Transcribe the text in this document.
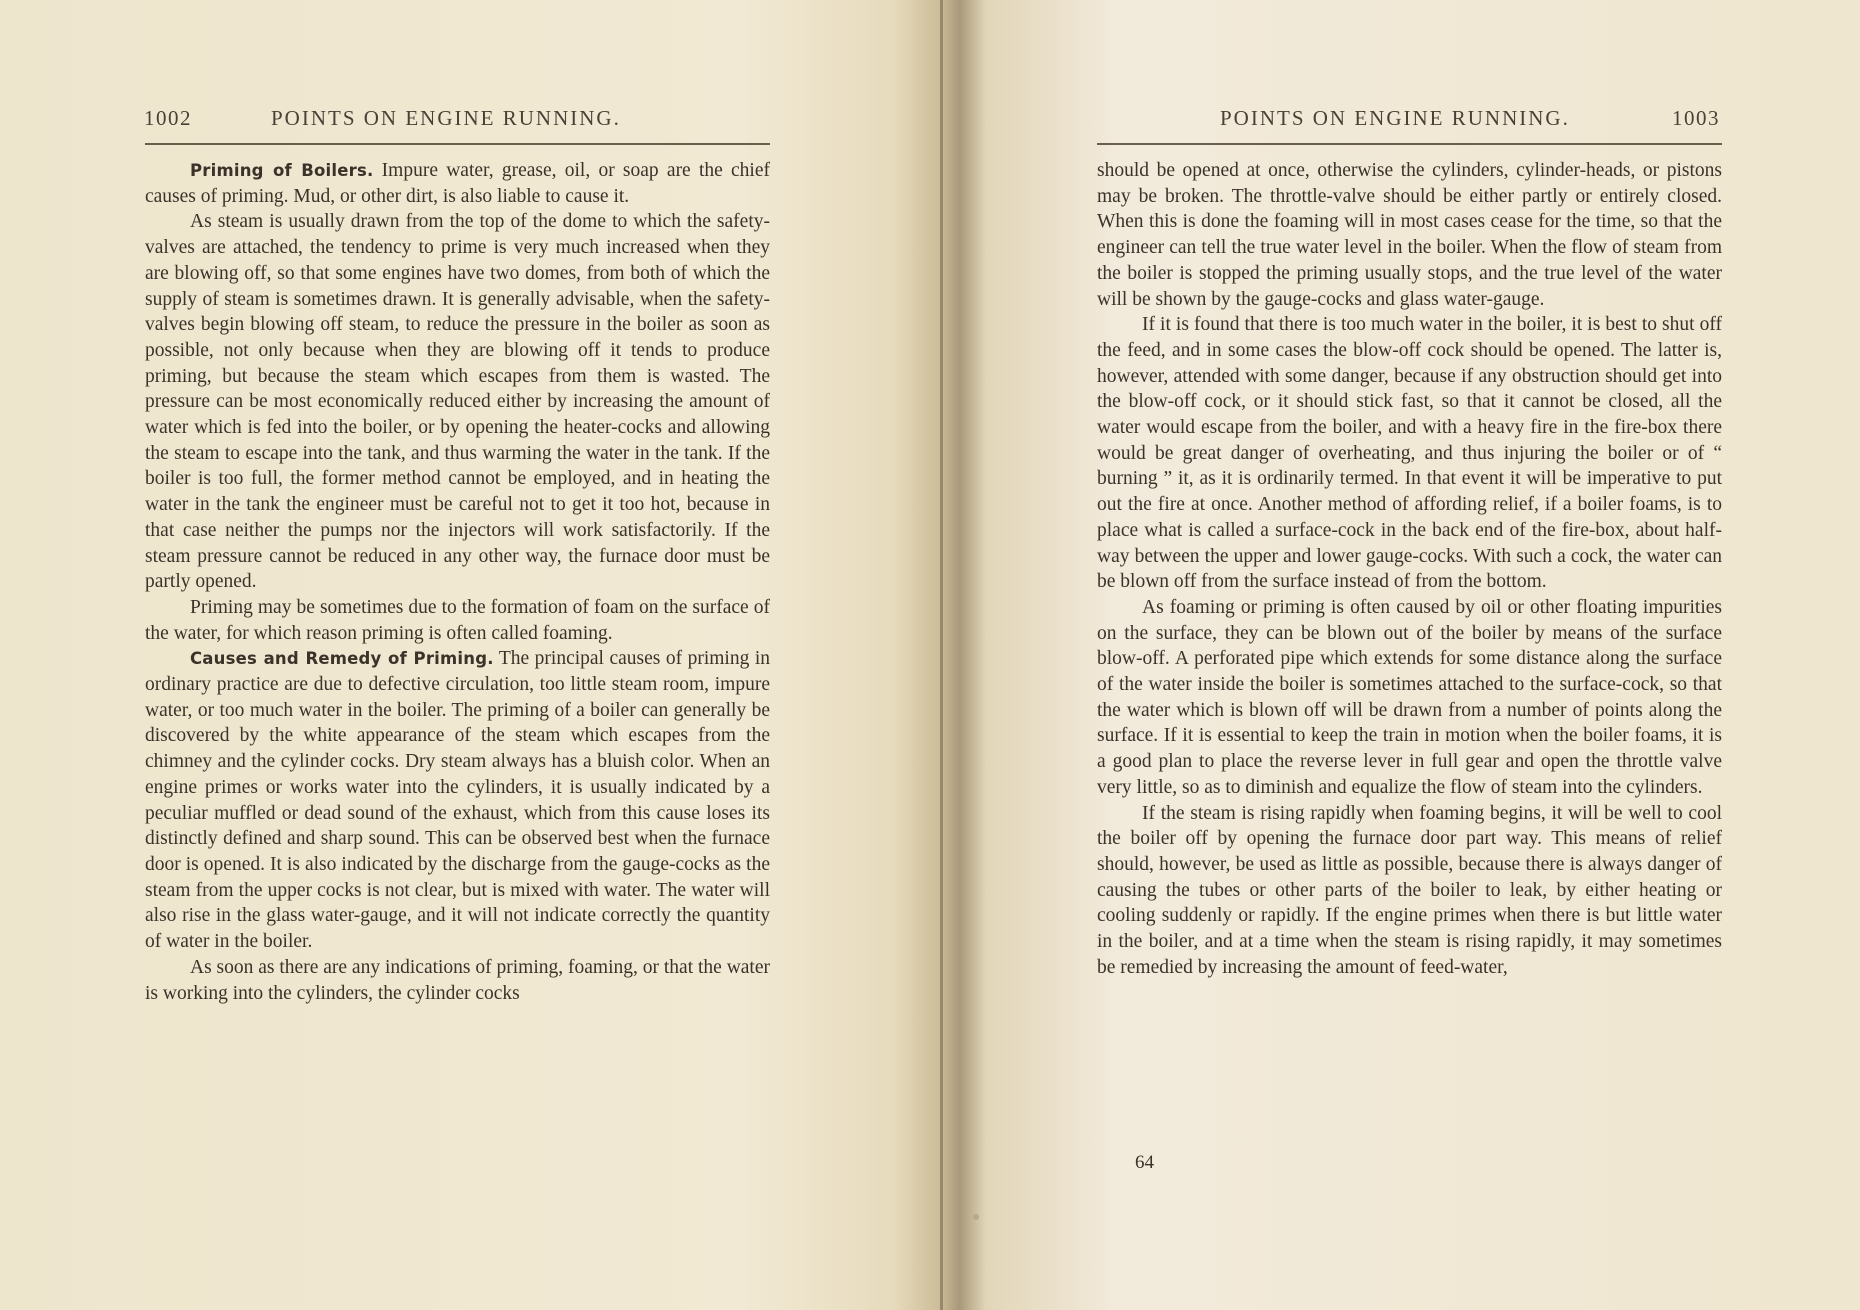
1002	POINTS ON ENGINE RUNNING.

Priming of Boilers. Impure water, grease, oil, or soap are the chief causes of priming. Mud, or other dirt, is also liable to cause it.

As steam is usually drawn from the top of the dome to which the safety-valves are attached, the tendency to prime is very much increased when they are blowing off, so that some engines have two domes, from both of which the supply of steam is sometimes drawn. It is generally advisable, when the safety-valves begin blowing off steam, to reduce the pressure in the boiler as soon as possible, not only because when they are blowing off it tends to produce priming, but because the steam which escapes from them is wasted. The pressure can be most economically reduced either by increasing the amount of water which is fed into the boiler, or by opening the heater-cocks and allowing the steam to escape into the tank, and thus warming the water in the tank. If the boiler is too full, the former method cannot be employed, and in heating the water in the tank the engineer must be careful not to get it too hot, because in that case neither the pumps nor the injectors will work satisfactorily. If the steam pressure cannot be reduced in any other way, the furnace door must be partly opened.

Priming may be sometimes due to the formation of foam on the surface of the water, for which reason priming is often called foaming.

Causes and Remedy of Priming. The principal causes of priming in ordinary practice are due to defective circulation, too little steam room, impure water, or too much water in the boiler. The priming of a boiler can generally be discovered by the white appearance of the steam which escapes from the chimney and the cylinder cocks. Dry steam always has a bluish color. When an engine primes or works water into the cylinders, it is usually indicated by a peculiar muffled or dead sound of the exhaust, which from this cause loses its distinctly defined and sharp sound. This can be observed best when the furnace door is opened. It is also indicated by the discharge from the gauge-cocks as the steam from the upper cocks is not clear, but is mixed with water. The water will also rise in the glass water-gauge, and it will not indicate correctly the quantity of water in the boiler.

As soon as there are any indications of priming, foaming, or that the water is working into the cylinders, the cylinder cocks

POINTS ON ENGINE RUNNING.	1003

should be opened at once, otherwise the cylinders, cylinder-heads, or pistons may be broken. The throttle-valve should be either partly or entirely closed. When this is done the foaming will in most cases cease for the time, so that the engineer can tell the true water level in the boiler. When the flow of steam from the boiler is stopped the priming usually stops, and the true level of the water will be shown by the gauge-cocks and glass water-gauge.

If it is found that there is too much water in the boiler, it is best to shut off the feed, and in some cases the blow-off cock should be opened. The latter is, however, attended with some danger, because if any obstruction should get into the blow-off cock, or it should stick fast, so that it cannot be closed, all the water would escape from the boiler, and with a heavy fire in the fire-box there would be great danger of overheating, and thus injuring the boiler or of “ burning ” it, as it is ordinarily termed. In that event it will be imperative to put out the fire at once. Another method of affording relief, if a boiler foams, is to place what is called a surface-cock in the back end of the fire-box, about half-way between the upper and lower gauge-cocks. With such a cock, the water can be blown off from the surface instead of from the bottom.

As foaming or priming is often caused by oil or other floating impurities on the surface, they can be blown out of the boiler by means of the surface blow-off. A perforated pipe which extends for some distance along the surface of the water inside the boiler is sometimes attached to the surface-cock, so that the water which is blown off will be drawn from a number of points along the surface. If it is essential to keep the train in motion when the boiler foams, it is a good plan to place the reverse lever in full gear and open the throttle valve very little, so as to diminish and equalize the flow of steam into the cylinders.

If the steam is rising rapidly when foaming begins, it will be well to cool the boiler off by opening the furnace door part way. This means of relief should, however, be used as little as possible, because there is always danger of causing the tubes or other parts of the boiler to leak, by either heating or cooling suddenly or rapidly. If the engine primes when there is but little water in the boiler, and at a time when the steam is rising rapidly, it may sometimes be remedied by increasing the amount of feed-water,

64
